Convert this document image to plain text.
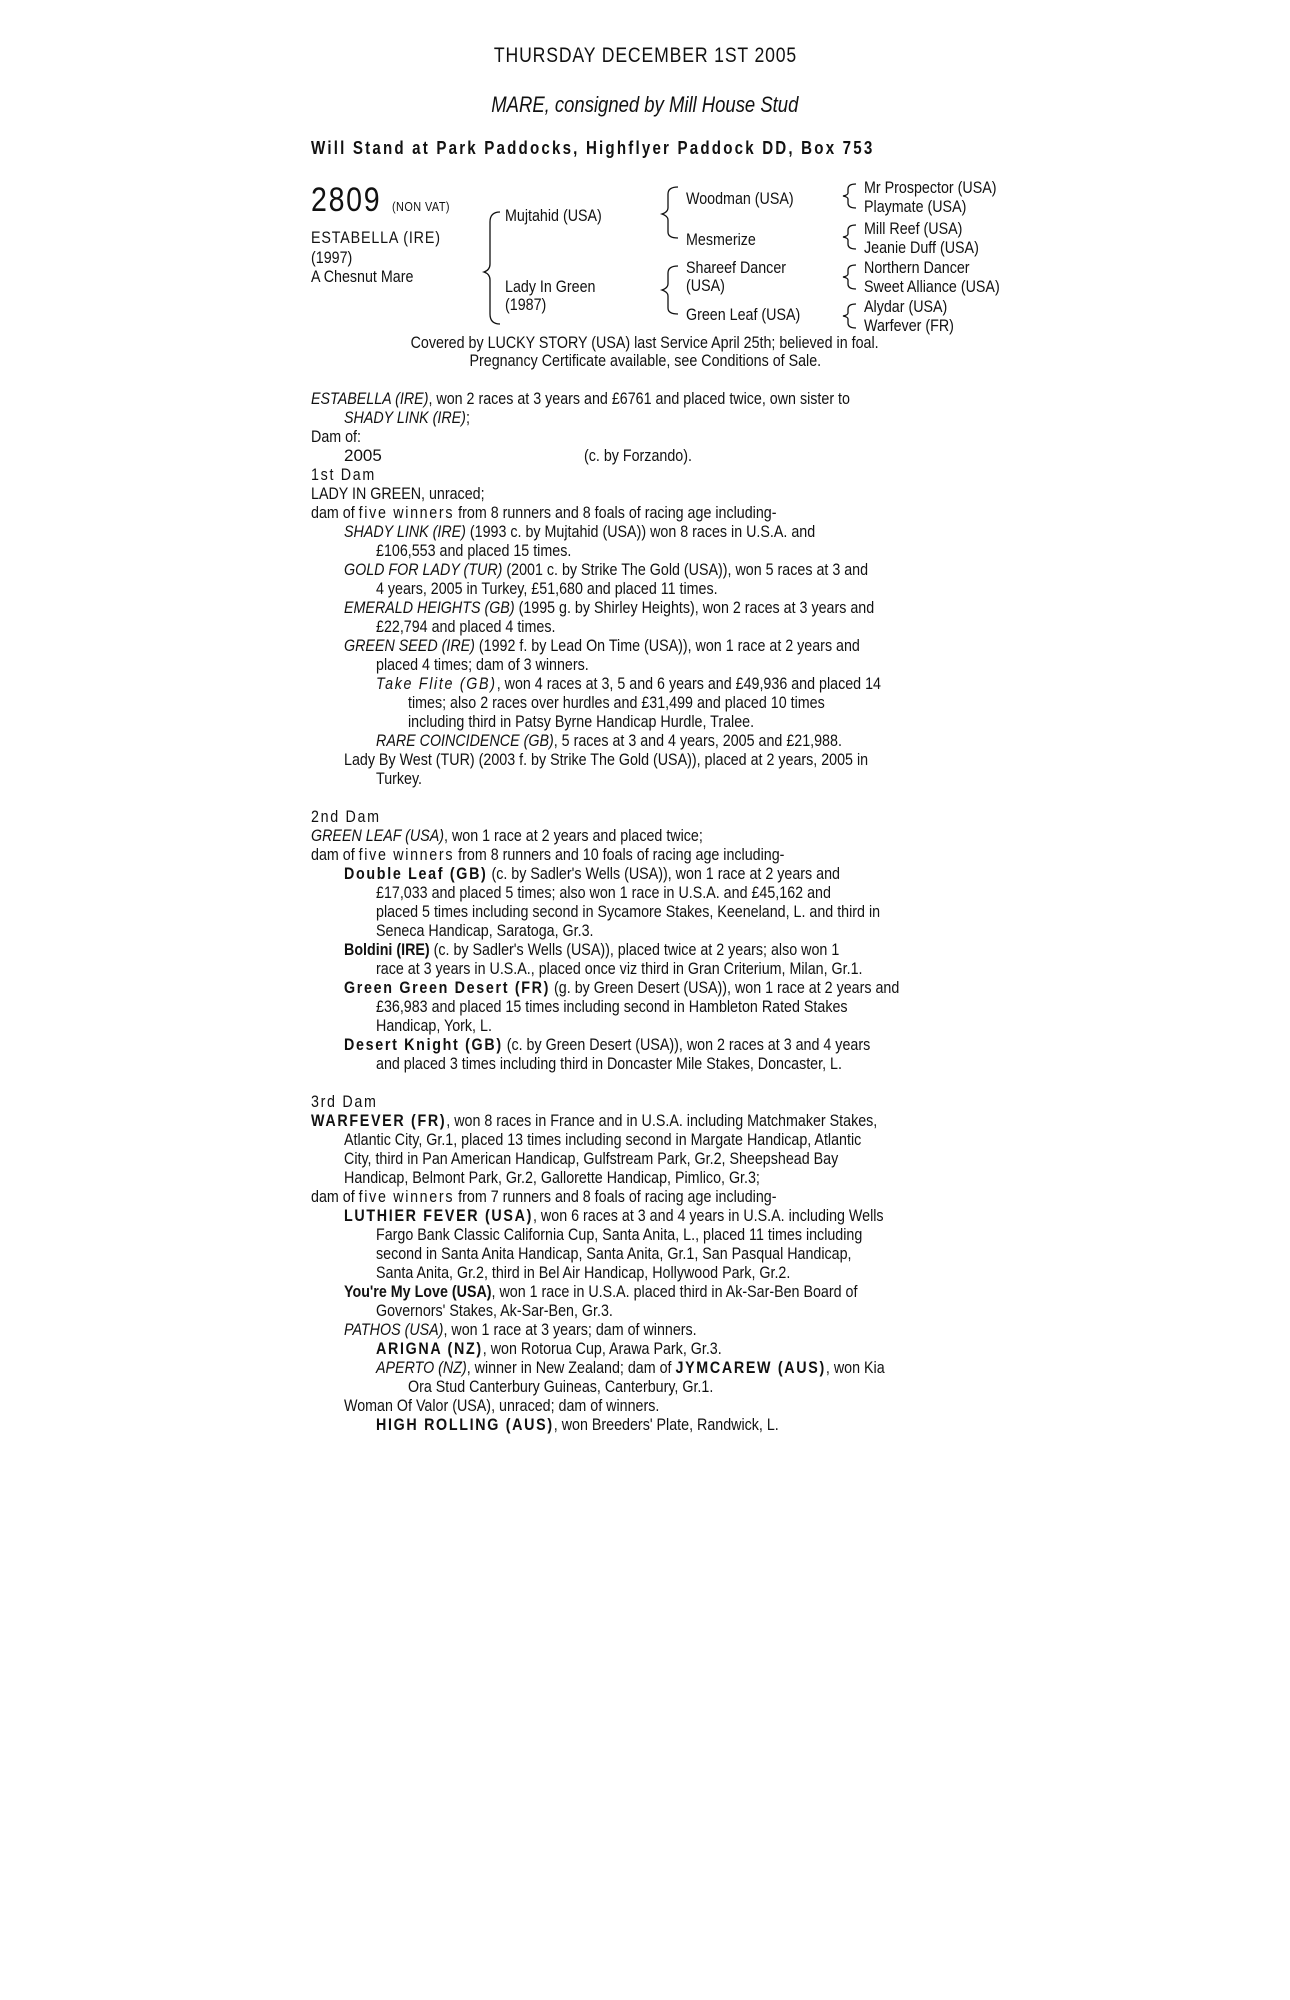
THURSDAY DECEMBER 1ST 2005
MARE, consigned by Mill House Stud
Will Stand at Park Paddocks, Highflyer Paddock DD, Box 753
2809 (NON VAT)
ESTABELLA (IRE)
(1997)
A Chesnut Mare
Mujtahid (USA)
Lady In Green
(1987)
Woodman (USA)
Mesmerize
Shareef Dancer
(USA)
Green Leaf (USA)
Mr Prospector (USA)
Playmate (USA)
Mill Reef (USA)
Jeanie Duff (USA)
Northern Dancer
Sweet Alliance (USA)
Alydar (USA)
Warfever (FR)
Covered by LUCKY STORY (USA) last Service April 25th; believed in foal.
Pregnancy Certificate available, see Conditions of Sale.
ESTABELLA (IRE), won 2 races at 3 years and £6761 and placed twice, own sister to
SHADY LINK (IRE);
Dam of:
2005	(c. by Forzando).
1st Dam
LADY IN GREEN, unraced;
dam of five winners from 8 runners and 8 foals of racing age including-
SHADY LINK (IRE) (1993 c. by Mujtahid (USA)) won 8 races in U.S.A. and
£106,553 and placed 15 times.
GOLD FOR LADY (TUR) (2001 c. by Strike The Gold (USA)), won 5 races at 3 and
4 years, 2005 in Turkey, £51,680 and placed 11 times.
EMERALD HEIGHTS (GB) (1995 g. by Shirley Heights), won 2 races at 3 years and
£22,794 and placed 4 times.
GREEN SEED (IRE) (1992 f. by Lead On Time (USA)), won 1 race at 2 years and
placed 4 times; dam of 3 winners.
Take Flite (GB), won 4 races at 3, 5 and 6 years and £49,936 and placed 14
times; also 2 races over hurdles and £31,499 and placed 10 times
including third in Patsy Byrne Handicap Hurdle, Tralee.
RARE COINCIDENCE (GB), 5 races at 3 and 4 years, 2005 and £21,988.
Lady By West (TUR) (2003 f. by Strike The Gold (USA)), placed at 2 years, 2005 in
Turkey.
2nd Dam
GREEN LEAF (USA), won 1 race at 2 years and placed twice;
dam of five winners from 8 runners and 10 foals of racing age including-
Double Leaf (GB) (c. by Sadler's Wells (USA)), won 1 race at 2 years and
£17,033 and placed 5 times; also won 1 race in U.S.A. and £45,162 and
placed 5 times including second in Sycamore Stakes, Keeneland, L. and third in
Seneca Handicap, Saratoga, Gr.3.
Boldini (IRE) (c. by Sadler's Wells (USA)), placed twice at 2 years; also won 1
race at 3 years in U.S.A., placed once viz third in Gran Criterium, Milan, Gr.1.
Green Green Desert (FR) (g. by Green Desert (USA)), won 1 race at 2 years and
£36,983 and placed 15 times including second in Hambleton Rated Stakes
Handicap, York, L.
Desert Knight (GB) (c. by Green Desert (USA)), won 2 races at 3 and 4 years
and placed 3 times including third in Doncaster Mile Stakes, Doncaster, L.
3rd Dam
WARFEVER (FR), won 8 races in France and in U.S.A. including Matchmaker Stakes,
Atlantic City, Gr.1, placed 13 times including second in Margate Handicap, Atlantic
City, third in Pan American Handicap, Gulfstream Park, Gr.2, Sheepshead Bay
Handicap, Belmont Park, Gr.2, Gallorette Handicap, Pimlico, Gr.3;
dam of five winners from 7 runners and 8 foals of racing age including-
LUTHIER FEVER (USA), won 6 races at 3 and 4 years in U.S.A. including Wells
Fargo Bank Classic California Cup, Santa Anita, L., placed 11 times including
second in Santa Anita Handicap, Santa Anita, Gr.1, San Pasqual Handicap,
Santa Anita, Gr.2, third in Bel Air Handicap, Hollywood Park, Gr.2.
You're My Love (USA), won 1 race in U.S.A. placed third in Ak-Sar-Ben Board of
Governors' Stakes, Ak-Sar-Ben, Gr.3.
PATHOS (USA), won 1 race at 3 years; dam of winners.
ARIGNA (NZ), won Rotorua Cup, Arawa Park, Gr.3.
APERTO (NZ), winner in New Zealand; dam of JYMCAREW (AUS), won Kia
Ora Stud Canterbury Guineas, Canterbury, Gr.1.
Woman Of Valor (USA), unraced; dam of winners.
HIGH ROLLING (AUS), won Breeders' Plate, Randwick, L.
